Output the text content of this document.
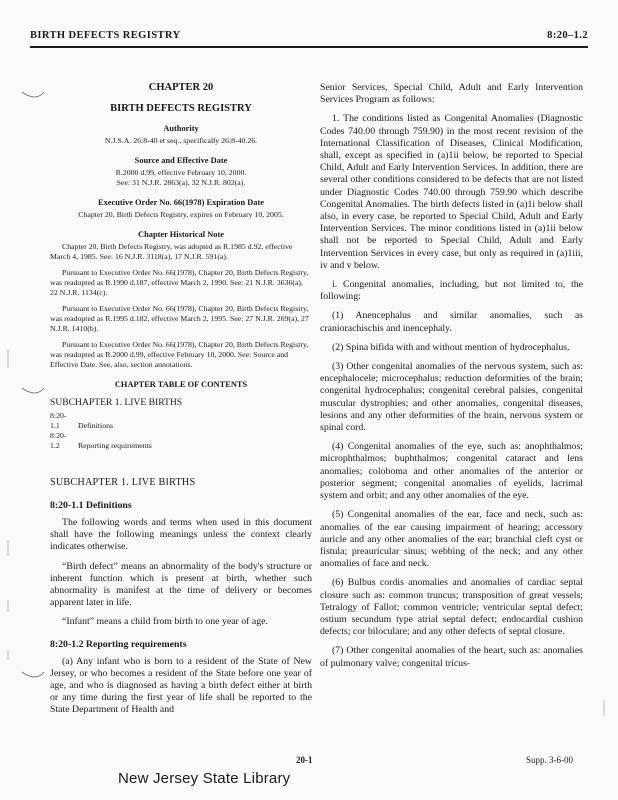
BIRTH DEFECTS REGISTRY	8:20–1.2
CHAPTER 20
BIRTH DEFECTS REGISTRY
Authority
N.J.S.A. 26:8-40 et seq., specifically 26:8-40.26.
Source and Effective Date
R.2000 d.99, effective February 10, 2000.
See: 31 N.J.R. 2863(a), 32 N.J.R. 802(a).
Executive Order No. 66(1978) Expiration Date
Chapter 20, Birth Defects Registry, expires on February 10, 2005.
Chapter Historical Note
Chapter 20, Birth Defects Registry, was adopted as R.1985 d.92, effective March 4, 1985. See: 16 N.J.R. 3118(a), 17 N.J.R. 591(a).
Pursuant to Executive Order No. 66(1978), Chapter 20, Birth Defects Registry, was readopted as R.1990 d.187, effective March 2, 1990. See: 21 N.J.R. 3636(a), 22 N.J.R. 1134(c).
Pursuant to Executive Order No. 66(1978), Chapter 20, Birth Defects Registry, was readopted as R.1995 d.182, effective March 2, 1995. See: 27 N.J.R. 269(a), 27 N.J.R. 1410(b).
Pursuant to Executive Order No. 66(1978), Chapter 20, Birth Defects Registry, was readopted as R.2000 d.99, effective February 10, 2000. See: Source and Effective Date. See, also, section annotations.
CHAPTER TABLE OF CONTENTS
SUBCHAPTER 1. LIVE BIRTHS
8:20-1.1 Definitions
8:20-1.2 Reporting requirements
SUBCHAPTER 1. LIVE BIRTHS
8:20-1.1 Definitions
The following words and terms when used in this document shall have the following meanings unless the context clearly indicates otherwise.
“Birth defect” means an abnormality of the body's structure or inherent function which is present at birth, whether such abnormality is manifest at the time of delivery or becomes apparent later in life.
“Infant” means a child from birth to one year of age.
8:20-1.2 Reporting requirements
(a) Any infant who is born to a resident of the State of New Jersey, or who becomes a resident of the State before one year of age, and who is diagnosed as having a birth defect either at birth or any time during the first year of life shall be reported to the State Department of Health and
Senior Services, Special Child, Adult and Early Intervention Services Program as follows:
1. The conditions listed as Congenital Anomalies (Diagnostic Codes 740.00 through 759.90) in the most recent revision of the International Classification of Diseases, Clinical Modification, shall, except as specified in (a)1ii below, be reported to Special Child, Adult and Early Intervention Services. In addition, there are several other conditions considered to be defects that are not listed under Diagnostic Codes 740.00 through 759.90 which describe Congenital Anomalies. The birth defects listed in (a)1i below shall also, in every case, be reported to Special Child, Adult and Early Intervention Services. The minor conditions listed in (a)1ii below shall not be reported to Special Child, Adult and Early Intervention Services in every case, but only as required in (a)1iii, iv and v below.
i. Congenital anomalies, including, but not limited to, the following:
(1) Anencephalus and similar anomalies, such as craniorachischis and inencephaly.
(2) Spina bifida with and without mention of hydrocephalus.
(3) Other congenital anomalies of the nervous system, such as: encephalocele; microcephalus; reduction deformities of the brain; congenital hydrocephalus; congenital cerebral palsies, congenital muscular dystrophies; and other anomalies, congenital diseases, lesions and any other deformities of the brain, nervous system or spinal cord.
(4) Congenital anomalies of the eye, such as: anophthalmos; microphthalmos; buphthalmos; congenital cataract and lens anomalies; coloboma and other anomalies of the anterior or posterior segment; congenital anomalies of eyelids, lacrimal system and orbit; and any other anomalies of the eye.
(5) Congenital anomalies of the ear, face and neck, such as: anomalies of the ear causing impairment of hearing; accessory auricle and any other anomalies of the ear; branchial cleft cyst or fistula; preauricular sinus; webbing of the neck; and any other anomalies of face and neck.
(6) Bulbus cordis anomalies and anomalies of cardiac septal closure such as: common truncus; transposition of great vessels; Tetralogy of Fallot; common ventricle; ventricular septal defect; ostium secundum type atrial septal defect; endocardial cushion defects; cor biloculare; and any other defects of septal closure.
(7) Other congenital anomalies of the heart, such as: anomalies of pulmonary valve; congenital tricus-
20-1	Supp. 3-6-00
New Jersey State Library
